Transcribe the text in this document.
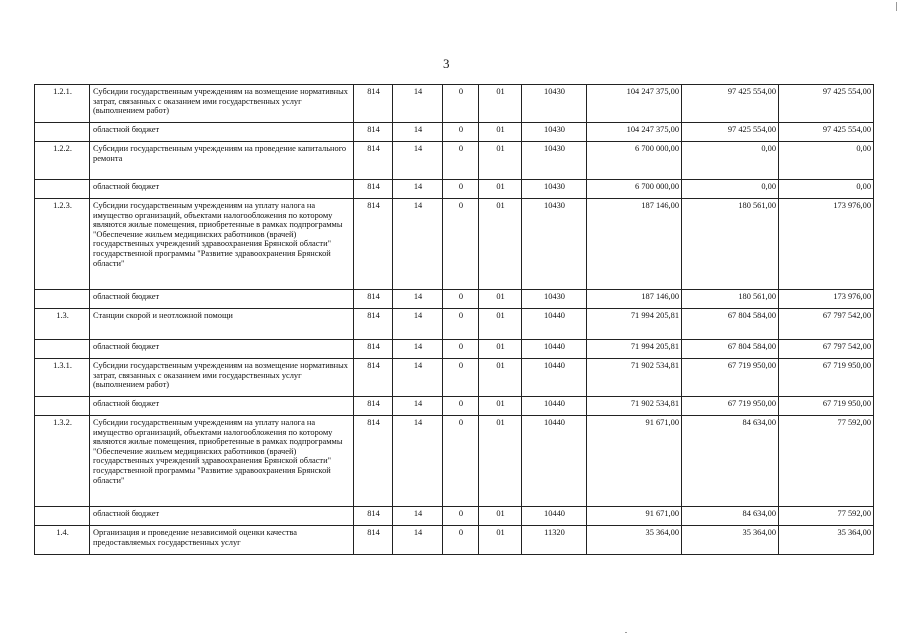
3
1.2.1.	Субсидии государственным учреждениям на возмещение нормативных затрат, связанных с оказанием ими государственных услуг (выполнением работ)	814	14	0	01	10430	104 247 375,00	97 425 554,00	97 425 554,00
	областной бюджет	814	14	0	01	10430	104 247 375,00	97 425 554,00	97 425 554,00
1.2.2.	Субсидии государственным учреждениям на проведение капитального ремонта	814	14	0	01	10430	6 700 000,00	0,00	0,00
	областной бюджет	814	14	0	01	10430	6 700 000,00	0,00	0,00
1.2.3.	Субсидии государственным учреждениям на уплату налога на имущество организаций, объектами налогообложения по которому являются жилые помещения, приобретенные в рамках подпрограммы "Обеспечение жильем медицинских работников (врачей) государственных учреждений здравоохранения Брянской области" государственной программы "Развитие здравоохранения Брянской области"	814	14	0	01	10430	187 146,00	180 561,00	173 976,00
	областной бюджет	814	14	0	01	10430	187 146,00	180 561,00	173 976,00
1.3.	Станции скорой и неотложной помощи	814	14	0	01	10440	71 994 205,81	67 804 584,00	67 797 542,00
	областной бюджет	814	14	0	01	10440	71 994 205,81	67 804 584,00	67 797 542,00
1.3.1.	Субсидии государственным учреждениям на возмещение нормативных затрат, связанных с оказанием ими государственных услуг (выполнением работ)	814	14	0	01	10440	71 902 534,81	67 719 950,00	67 719 950,00
	областной бюджет	814	14	0	01	10440	71 902 534,81	67 719 950,00	67 719 950,00
1.3.2.	Субсидии государственным учреждениям на уплату налога на имущество организаций, объектами налогообложения по которому являются жилые помещения, приобретенные в рамках подпрограммы "Обеспечение жильем медицинских работников (врачей) государственных учреждений здравоохранения Брянской области" государственной программы "Развитие здравоохранения Брянской области"	814	14	0	01	10440	91 671,00	84 634,00	77 592,00
	областной бюджет	814	14	0	01	10440	91 671,00	84 634,00	77 592,00
1.4.	Организация и проведение независимой оценки качества предоставляемых государственных услуг	814	14	0	01	11320	35 364,00	35 364,00	35 364,00
